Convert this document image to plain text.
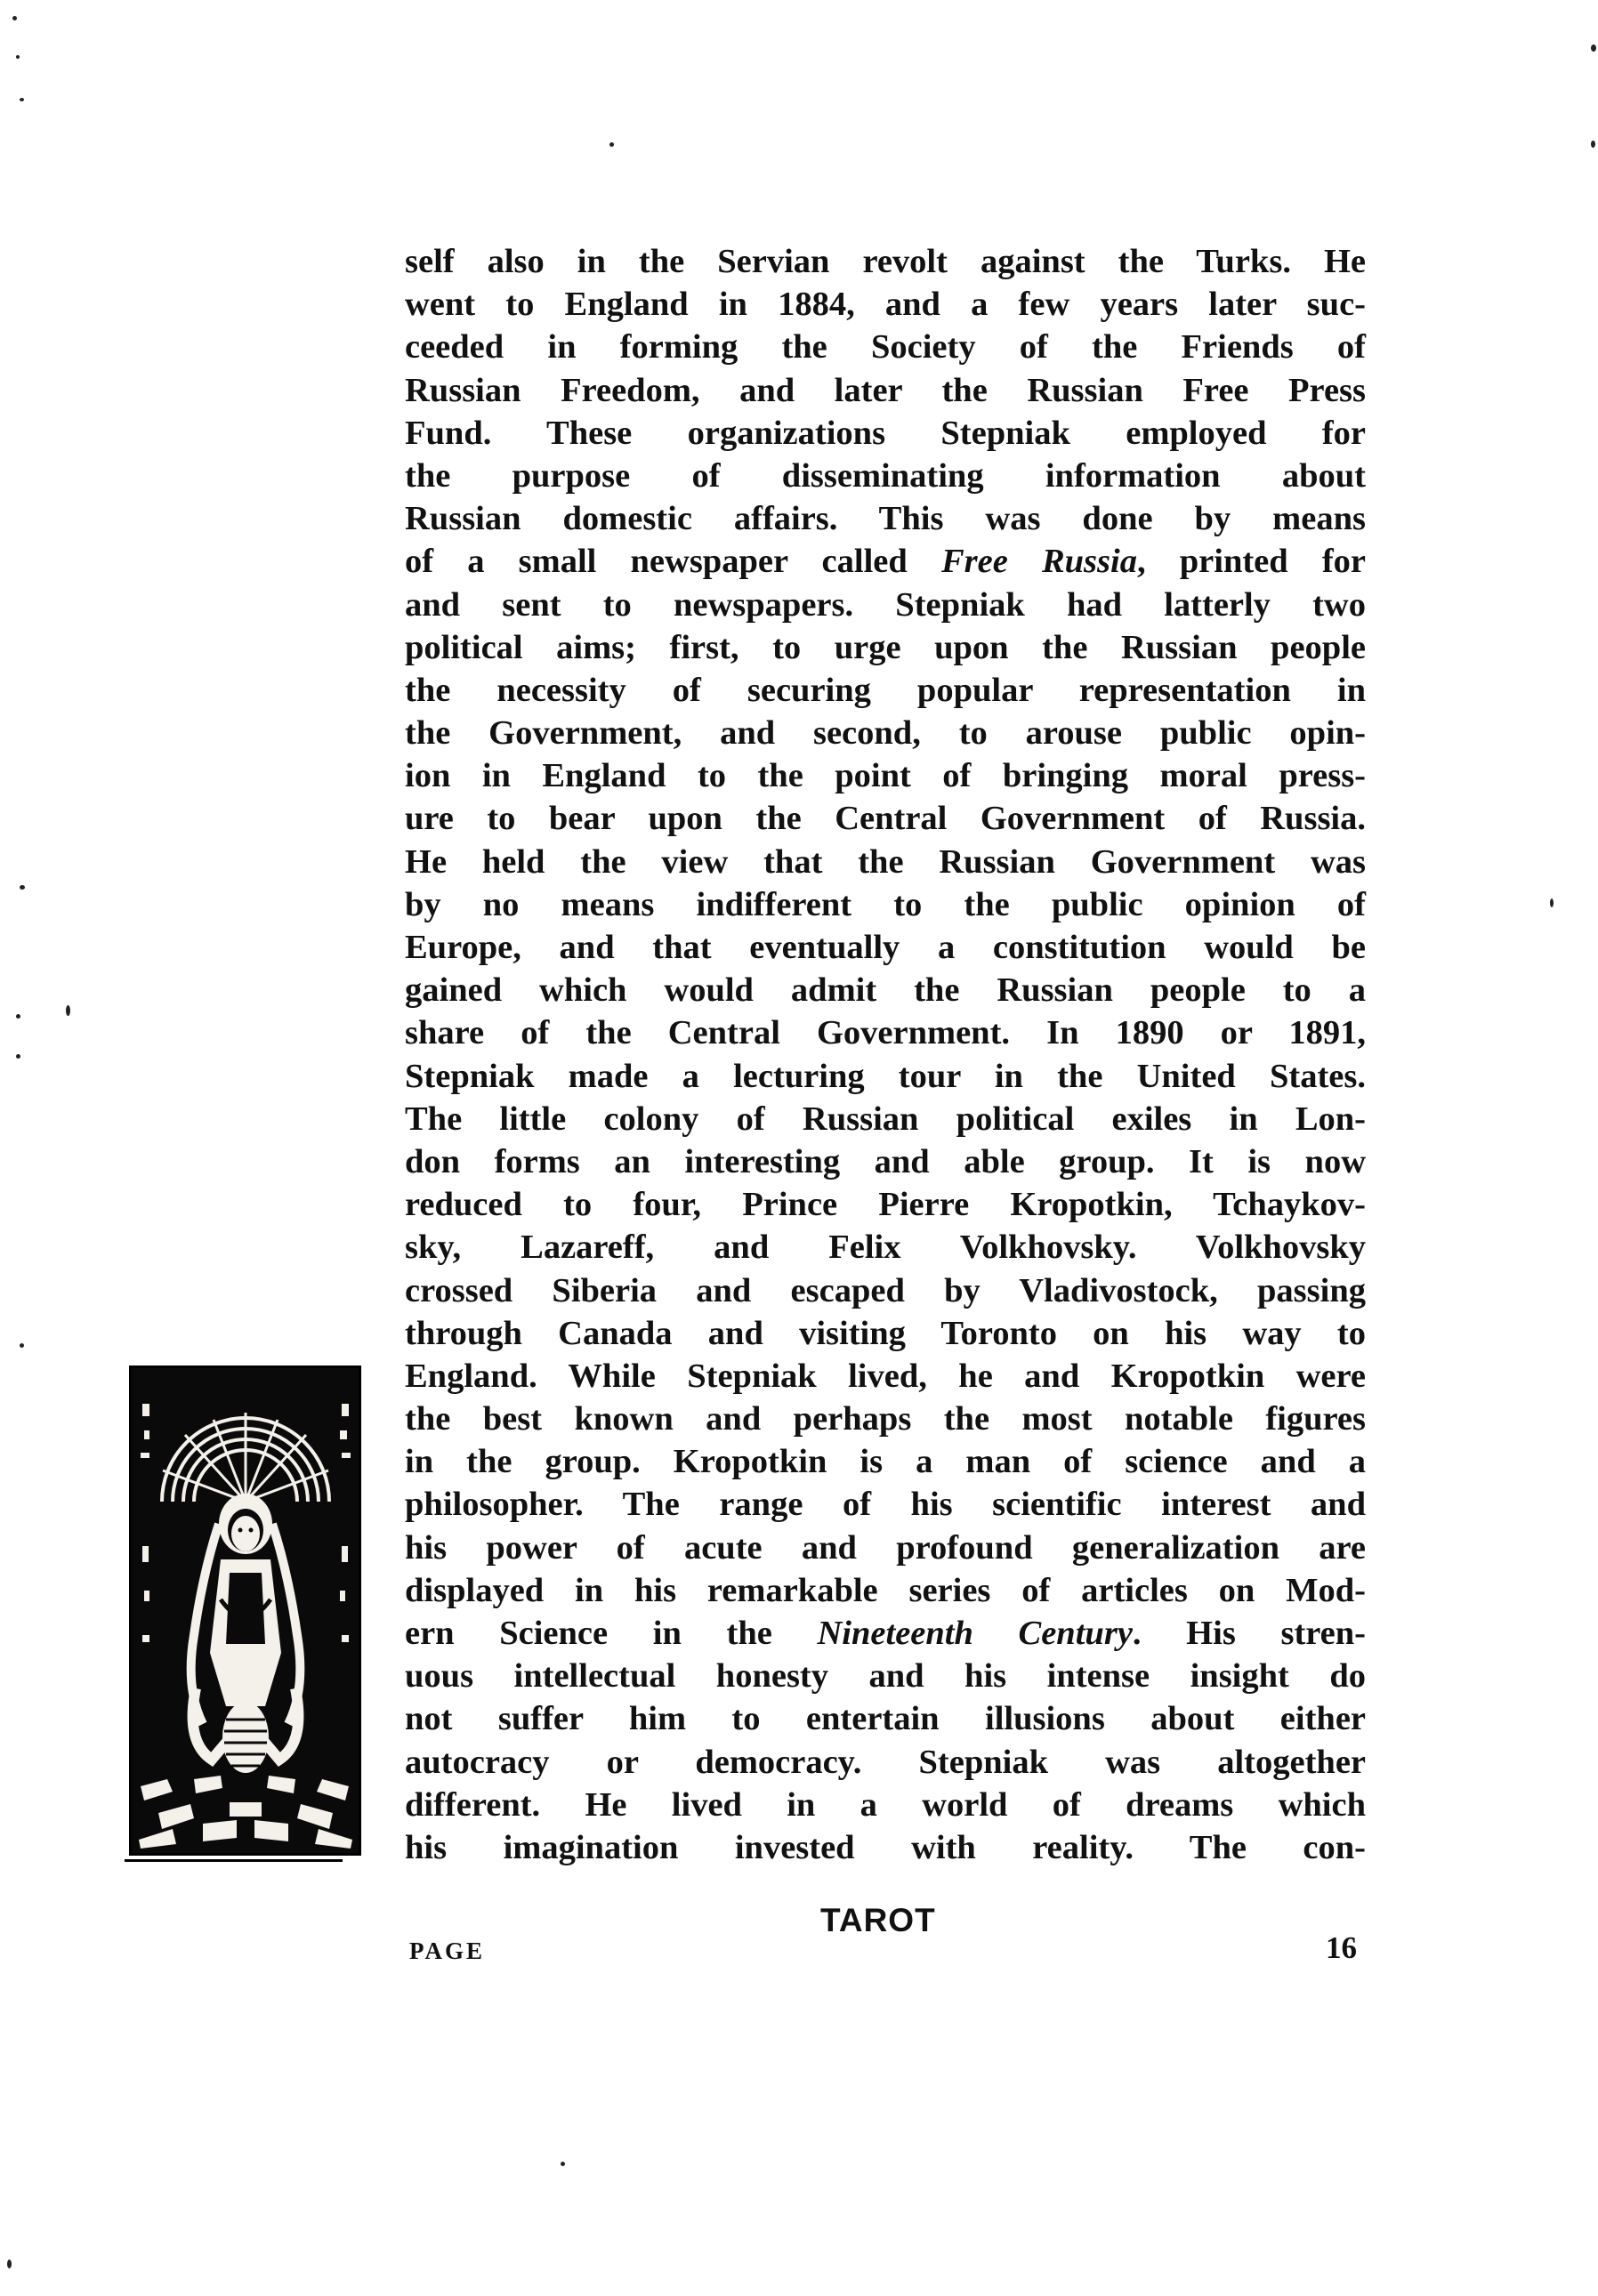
self also in the Servian revolt against the Turks. He
went to England in 1884, and a few years later suc-
ceeded in forming the Society of the Friends of
Russian Freedom, and later the Russian Free Press
Fund. These organizations Stepniak employed for
the purpose of disseminating information about
Russian domestic affairs. This was done by means
of a small newspaper called Free Russia, printed for
and sent to newspapers. Stepniak had latterly two
political aims; first, to urge upon the Russian people
the necessity of securing popular representation in
the Government, and second, to arouse public opin-
ion in England to the point of bringing moral press-
ure to bear upon the Central Government of Russia.
He held the view that the Russian Government was
by no means indifferent to the public opinion of
Europe, and that eventually a constitution would be
gained which would admit the Russian people to a
share of the Central Government. In 1890 or 1891,
Stepniak made a lecturing tour in the United States.
The little colony of Russian political exiles in Lon-
don forms an interesting and able group. It is now
reduced to four, Prince Pierre Kropotkin, Tchaykov-
sky, Lazareff, and Felix Volkhovsky. Volkhovsky
crossed Siberia and escaped by Vladivostock, passing
through Canada and visiting Toronto on his way to
England. While Stepniak lived, he and Kropotkin were
the best known and perhaps the most notable figures
in the group. Kropotkin is a man of science and a
philosopher. The range of his scientific interest and
his power of acute and profound generalization are
displayed in his remarkable series of articles on Mod-
ern Science in the Nineteenth Century. His stren-
uous intellectual honesty and his intense insight do
not suffer him to entertain illusions about either
autocracy or democracy. Stepniak was altogether
different. He lived in a world of dreams which
his imagination invested with reality. The con-
TAROT
PAGE	16
